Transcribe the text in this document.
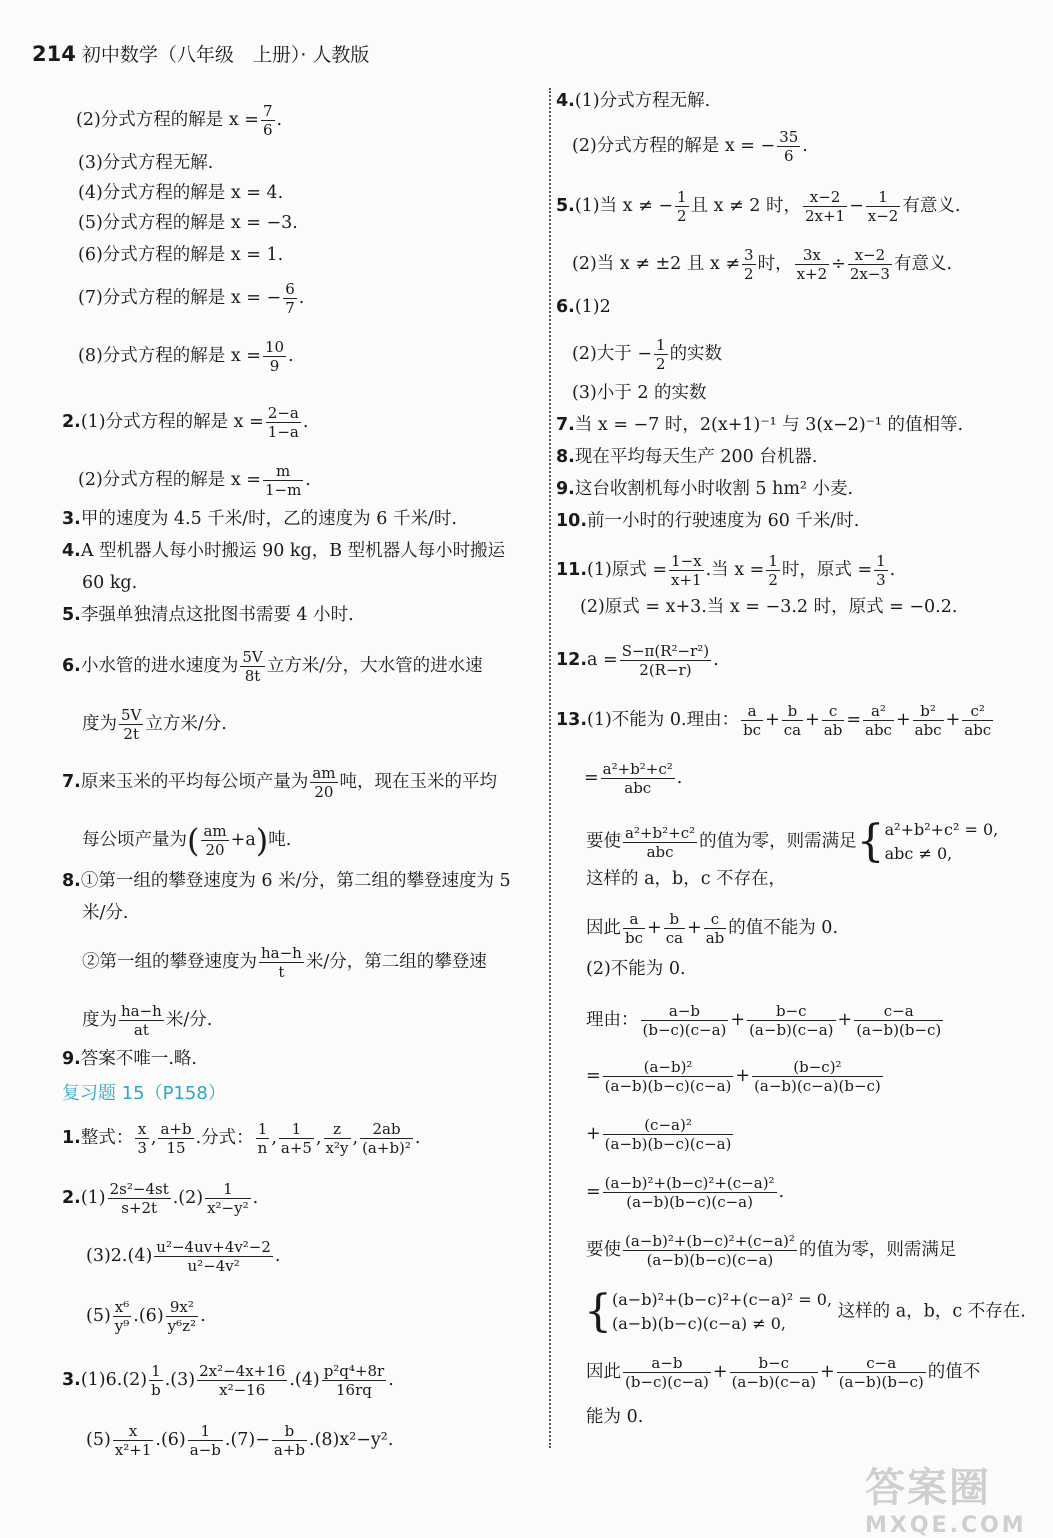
214 初中数学（八年级　上册）· 人教版
(2)分式方程的解是 $x = \frac{7}{6}$ .
(3)分式方程无解.
(4)分式方程的解是 x = 4.
(5)分式方程的解是 x = −3.
(6)分式方程的解是 x = 1.
(7)分式方程的解是 x = − $\frac{6}{7}$ .
(8)分式方程的解是 $x = \frac{10}{9}$ .
2.(1)分式方程的解是 $x = \frac{2-a}{1-a}$ .
(2)分式方程的解是 $x = \frac{m}{1-m}$ .
3.甲的速度为 4.5 千米/时，乙的速度为 6 千米/时.
4.A 型机器人每小时搬运 90 kg，B 型机器人每小时搬运
60 kg.
5.李强单独清点这批图书需要 4 小时.
6.小水管的进水速度为 $\frac{5V}{8t}$ 立方米/分，大水管的进水速
度为 $\frac{5V}{2t}$ 立方米/分.
7.原来玉米的平均每公顷产量为 $\frac{am}{20}$ 吨，现在玉米的平均
每公顷产量为( $\frac{am}{20} +a$)吨.
8.①第一组的攀登速度为 6 米/分，第二组的攀登速度为 5
米/分.
②第一组的攀登速度为 $\frac{ha-h}{t}$ 米/分，第二组的攀登速
度为 $\frac{ha-h}{at}$ 米/分.
9.答案不唯一.略.
复习题 15（P158）
1.整式： $\frac{x}{3}$ , $\frac{a+b}{15}$ .分式： $\frac{1}{n}$ , $\frac{1}{a+5}$ , $\frac{z}{\text{x²y}}$ , $\frac{2ab}{\text{(a+b)²}}$ .
$2.(1) \frac{\text{2s²−4st}}{s+2t} .(2) \frac{1}{\text{x²−y²}}$ .
$(3)2.(4) \frac{\text{u²−4uv+4v²−2}}{\text{u²−4v²}}$ .
$(5) \frac{\text{x⁶}}{\text{y⁹}} .(6) \frac{\text{9x²}}{\text{y⁶z²}}$ .
$3.(1)6.(2) \frac{1}{b} .(3) \frac{\text{2x²−4x+16}}{\text{x²−16}} .(4) \frac{\text{p²q⁴+8r}}{16rq}$ .
$(5) \frac{x}{\text{x²+1}} .(6) \frac{1}{a-b} .(7)- \frac{b}{a+b} .(8)x^2-y^2$.
4.(1)分式方程无解.
(2)分式方程的解是 x = − $\frac{35}{6}$ .
5.(1)当 x ≠ − $\frac{1}{2}$ 且 x ≠ 2 时， $\frac{x-2}{2x+1} - \frac{1}{x-2}$ 有意义.
(2)当 x ≠ ±2 且 $x \ne \frac{3}{2}$ 时， $\frac{3x}{x+2} \div \frac{x-2}{2x-3}$ 有意义.
6.(1)2
(2)大于 − $\frac{1}{2}$ 的实数
(3)小于 2 的实数
7.当 x = −7 时，2(x+1)⁻¹ 与 3(x−2)⁻¹ 的值相等.
8.现在平均每天生产 200 台机器.
9.这台收割机每小时收割 5 hm² 小麦.
10.前一小时的行驶速度为 60 千米/时.
11.(1)原式 = $\frac{1-x}{x+1}$ .当 $x = \frac{1}{2}$ 时，原式 = $\frac{1}{3}$ .
(2)原式 = x+3.当 x = −3.2 时，原式 = −0.2.
$12.a = \frac{\text{S−π(R²−r²)}}{2(R-r)}$ .
13.(1)不能为 0.理由： $\frac{a}{bc} + \frac{b}{ca} + \frac{c}{ab} = \frac{\text{a²}}{\text{abc}} + \frac{\text{b²}}{\text{abc}} + \frac{\text{c²}}{\text{abc}}$
= $\frac{\text{a²+b²+c²}}{\text{abc}}$ .
要使 $\frac{\text{a²+b²+c²}}{\text{abc}}$ 的值为零，则需满足{a²+b²+c² = 0,
abc ≠ 0,
这样的 a，b，c 不存在，
因此 $\frac{a}{bc} + \frac{b}{ca} + \frac{c}{ab}$ 的值不能为 0.
(2)不能为 0.
理由： $\frac{a-b}{(b-c)(c-a)} + \frac{b-c}{(a-b)(c-a)} + \frac{c-a}{(a-b)(b-c)}$
= $\frac{\text{(a−b)²}}{(a-b)(b-c)(c-a)} + \frac{\text{(b−c)²}}{(a-b)(c-a)(b-c)}$
+ $\frac{\text{(c−a)²}}{(a-b)(b-c)(c-a)}$
= $\frac{\text{(a−b)²+(b−c)²+(c−a)²}}{(a-b)(b-c)(c-a)}$ .
要使 $\frac{\text{(a−b)²+(b−c)²+(c−a)²}}{(a-b)(b-c)(c-a)}$ 的值为零，则需满足
{(a−b)²+(b−c)²+(c−a)² = 0,
(a−b)(b−c)(c−a) ≠ 0, 这样的 a，b，c 不存在.
因此 $\frac{a-b}{(b-c)(c-a)} + \frac{b-c}{(a-b)(c-a)} + \frac{c-a}{(a-b)(b-c)}$ 的值不
能为 0.
答案圈
MXQE.COM
